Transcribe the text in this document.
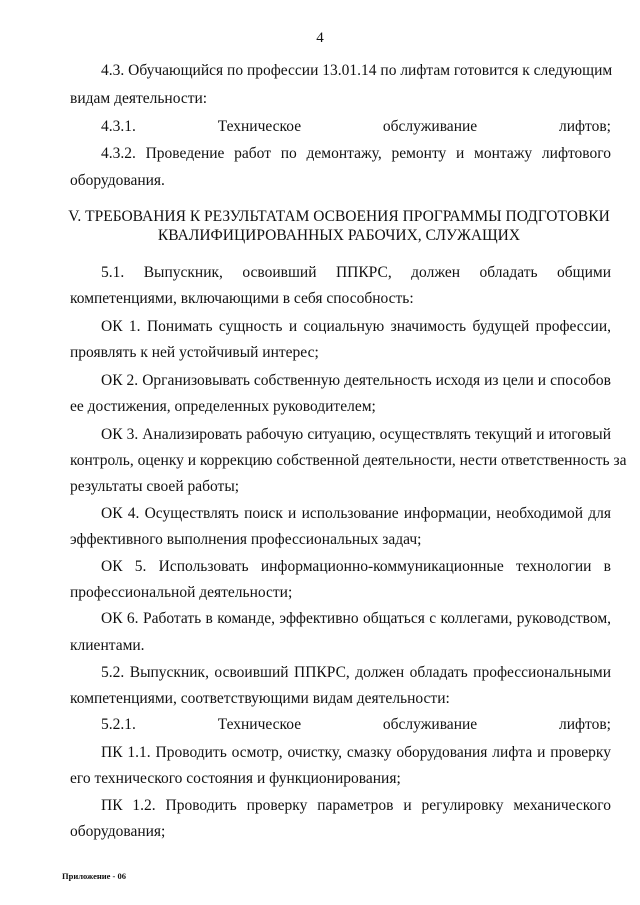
4
4.3. Обучающийся по профессии 13.01.14 по лифтам готовится к следующим
видам деятельности:
4.3.1. Техническое обслуживание лифтов;
4.3.2. Проведение работ по демонтажу, ремонту и монтажу лифтового
оборудования.
5.1. Выпускник, освоивший ППКРС, должен обладать общими
компетенциями, включающими в себя способность:
ОК 1. Понимать сущность и социальную значимость будущей профессии,
проявлять к ней устойчивый интерес;
ОК 2. Организовывать собственную деятельность исходя из цели и способов
ее достижения, определенных руководителем;
ОК 3. Анализировать рабочую ситуацию, осуществлять текущий и итоговый
контроль, оценку и коррекцию собственной деятельности, нести ответственность за
результаты своей работы;
ОК 4. Осуществлять поиск и использование информации, необходимой для
эффективного выполнения профессиональных задач;
ОК 5. Использовать информационно-коммуникационные технологии в
профессиональной деятельности;
ОК 6. Работать в команде, эффективно общаться с коллегами, руководством,
клиентами.
5.2. Выпускник, освоивший ППКРС, должен обладать профессиональными
компетенциями, соответствующими видам деятельности:
5.2.1. Техническое обслуживание лифтов;
ПК 1.1. Проводить осмотр, очистку, смазку оборудования лифта и проверку
его технического состояния и функционирования;
ПК 1.2. Проводить проверку параметров и регулировку механического
оборудования;
V. ТРЕБОВАНИЯ К РЕЗУЛЬТАТАМ ОСВОЕНИЯ ПРОГРАММЫ ПОДГОТОВКИ
КВАЛИФИЦИРОВАННЫХ РАБОЧИХ, СЛУЖАЩИХ
Приложение - 06
